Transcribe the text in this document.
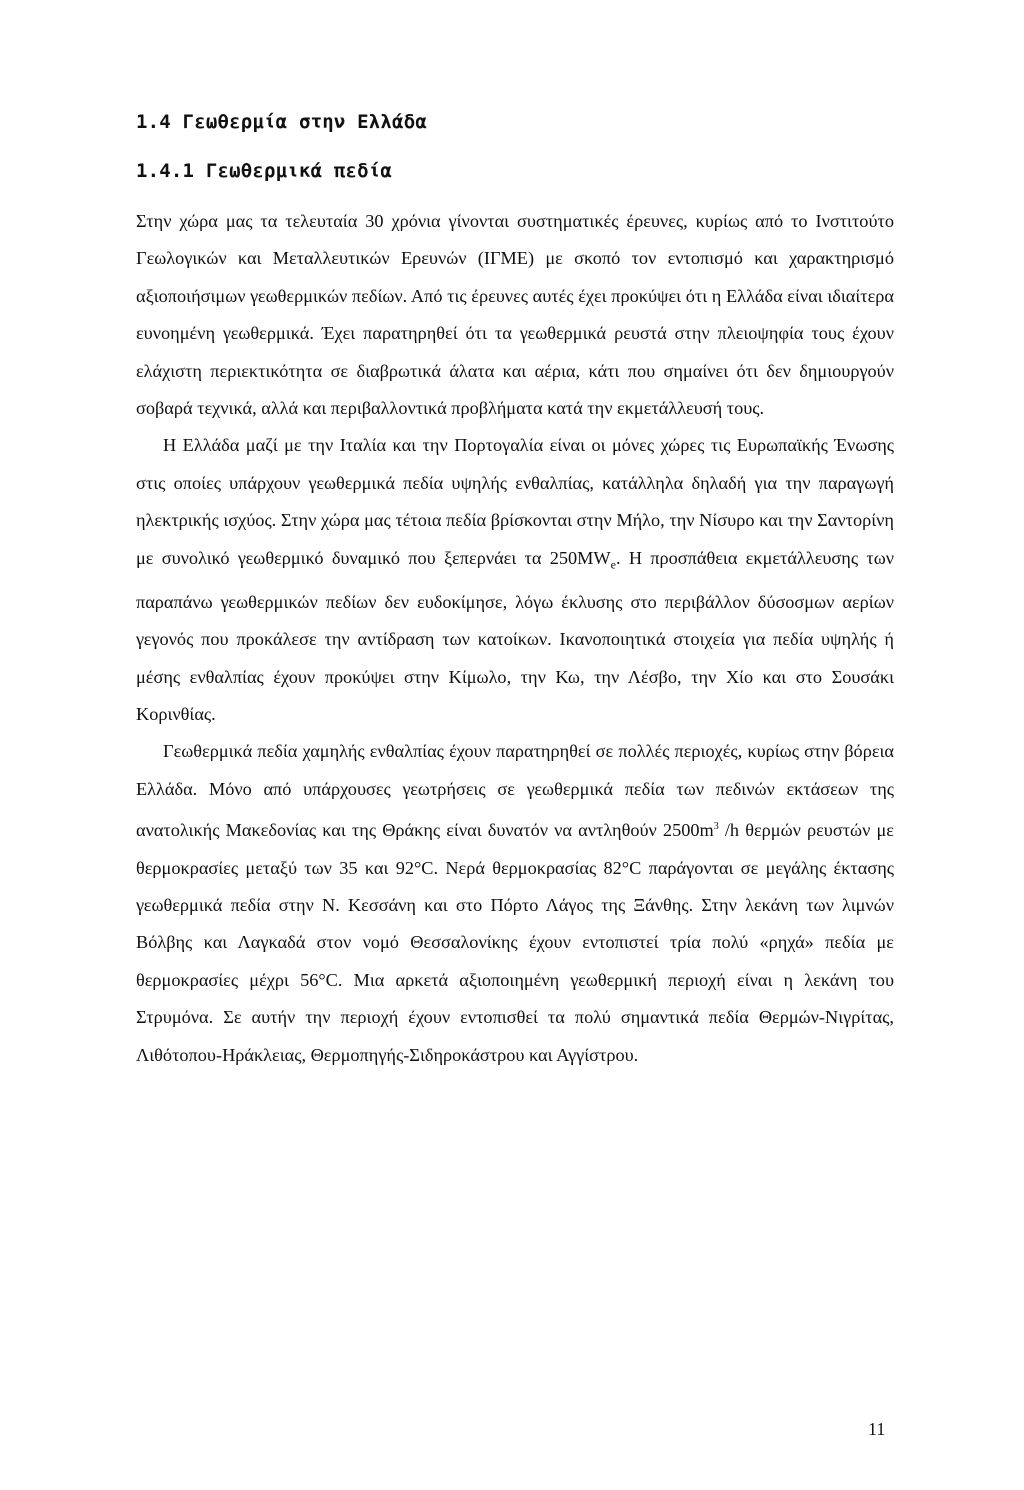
1.4 Γεωθερμία στην Ελλάδα
1.4.1 Γεωθερμικά πεδία

Στην χώρα μας τα τελευταία 30 χρόνια γίνονται συστηματικές έρευνες, κυρίως από το Ινστιτούτο Γεωλογικών και Μεταλλευτικών Ερευνών (ΙΓΜΕ) με σκοπό τον εντοπισμό και χαρακτηρισμό αξιοποιήσιμων γεωθερμικών πεδίων. Από τις έρευνες αυτές έχει προκύψει ότι η Ελλάδα είναι ιδιαίτερα ευνοημένη γεωθερμικά. Έχει παρατηρηθεί ότι τα γεωθερμικά ρευστά στην πλειοψηφία τους έχουν ελάχιστη περιεκτικότητα σε διαβρωτικά άλατα και αέρια, κάτι που σημαίνει ότι δεν δημιουργούν σοβαρά τεχνικά, αλλά και περιβαλλοντικά προβλήματα κατά την εκμετάλλευσή τους.

Η Ελλάδα μαζί με την Ιταλία και την Πορτογαλία είναι οι μόνες χώρες τις Ευρωπαϊκής Ένωσης στις οποίες υπάρχουν γεωθερμικά πεδία υψηλής ενθαλπίας, κατάλληλα δηλαδή για την παραγωγή ηλεκτρικής ισχύος. Στην χώρα μας τέτοια πεδία βρίσκονται στην Μήλο, την Νίσυρο και την Σαντορίνη με συνολικό γεωθερμικό δυναμικό που ξεπερνάει τα $250MW_e$. Η προσπάθεια εκμετάλλευσης των παραπάνω γεωθερμικών πεδίων δεν ευδοκίμησε, λόγω έκλυσης στο περιβάλλον δύσοσμων αερίων γεγονός που προκάλεσε την αντίδραση των κατοίκων. Ικανοποιητικά στοιχεία για πεδία υψηλής ή μέσης ενθαλπίας έχουν προκύψει στην Κίμωλο, την Κω, την Λέσβο, την Χίο και στο Σουσάκι Κορινθίας.

Γεωθερμικά πεδία χαμηλής ενθαλπίας έχουν παρατηρηθεί σε πολλές περιοχές, κυρίως στην βόρεια Ελλάδα. Μόνο από υπάρχουσες γεωτρήσεις σε γεωθερμικά πεδία των πεδινών εκτάσεων της ανατολικής Μακεδονίας και της Θράκης είναι δυνατόν να αντληθούν $2500m^3$ /h θερμών ρευστών με θερμοκρασίες μεταξύ των 35 και 92°C. Νερά θερμοκρασίας 82°C παράγονται σε μεγάλης έκτασης γεωθερμικά πεδία στην Ν. Κεσσάνη και στο Πόρτο Λάγος της Ξάνθης. Στην λεκάνη των λιμνών Βόλβης και Λαγκαδά στον νομό Θεσσαλονίκης έχουν εντοπιστεί τρία πολύ «ρηχά» πεδία με θερμοκρασίες μέχρι 56°C. Μια αρκετά αξιοποιημένη γεωθερμική περιοχή είναι η λεκάνη του Στρυμόνα. Σε αυτήν την περιοχή έχουν εντοπισθεί τα πολύ σημαντικά πεδία Θερμών-Νιγρίτας, Λιθότοπου-Ηράκλειας, Θερμοπηγής-Σιδηροκάστρου και Αγγίστρου.

11
